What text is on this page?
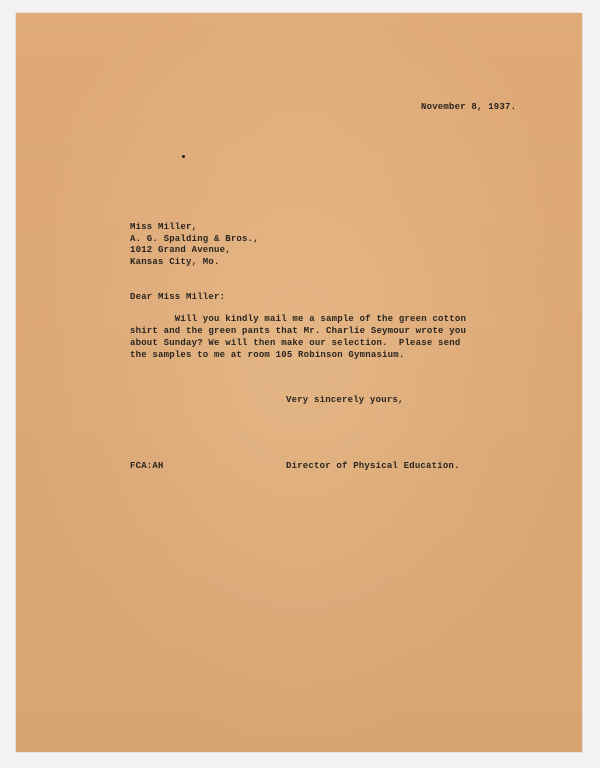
November 8, 1937.
Miss Miller,
A. G. Spalding & Bros.,
1012 Grand Avenue,
Kansas City, Mo.
Dear Miss Miller:
Will you kindly mail me a sample of the green cotton
shirt and the green pants that Mr. Charlie Seymour wrote you
about Sunday? We will then make our selection.  Please send
the samples to me at room 105 Robinson Gymnasium.
Very sincerely yours,
FCA:AH	Director of Physical Education.
